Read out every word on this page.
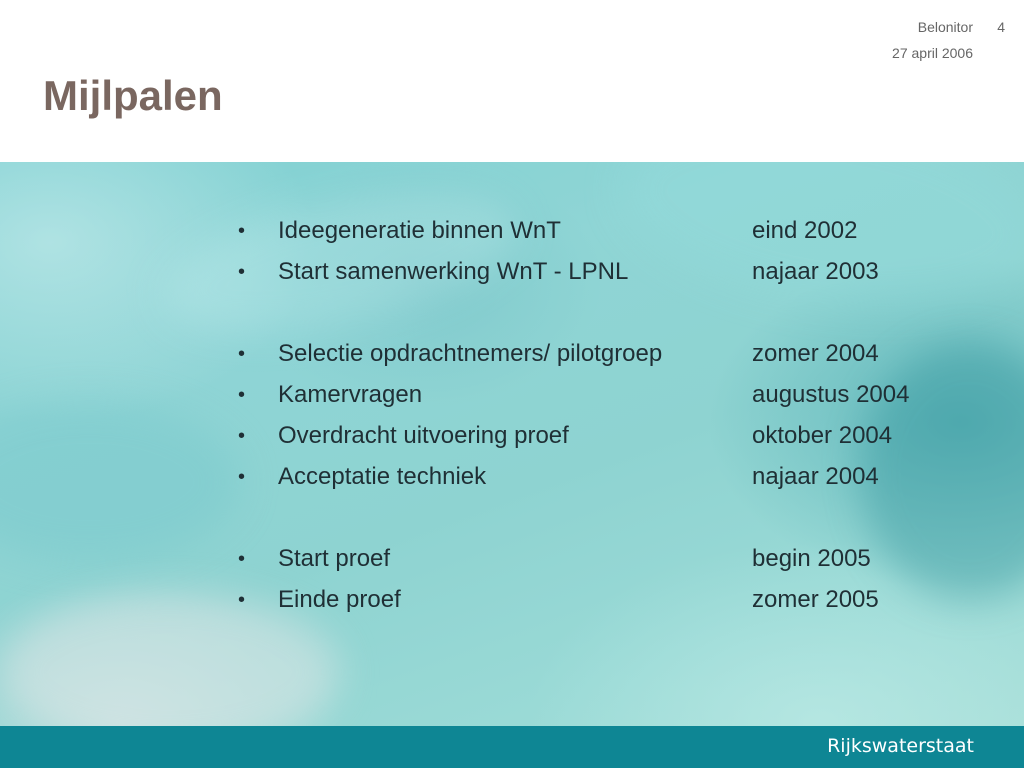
Belonitor	4
27 april 2006
Mijlpalen
•	Ideegeneratie binnen WnT	eind 2002
•	Start samenwerking WnT - LPNL	najaar 2003
•	Selectie opdrachtnemers/ pilotgroep	zomer 2004
•	Kamervragen	augustus 2004
•	Overdracht uitvoering proef	oktober 2004
•	Acceptatie techniek	najaar 2004
•	Start proef	begin 2005
•	Einde proef	zomer 2005
Rijkswaterstaat
